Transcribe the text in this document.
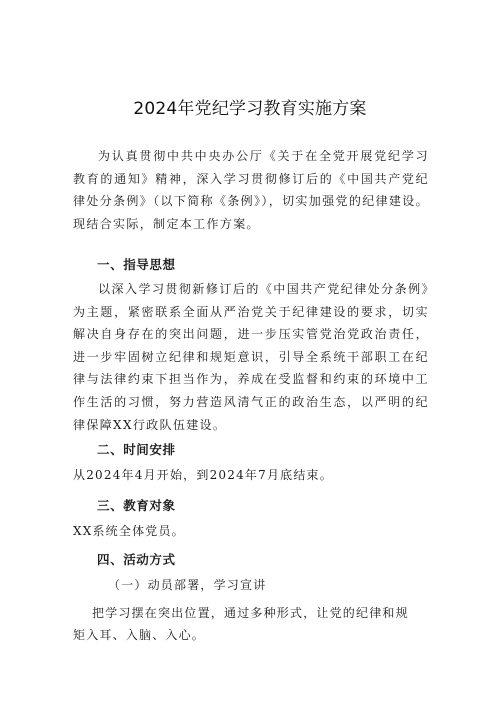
2024年党纪学习教育实施方案

为认真贯彻中共中央办公厅《关于在全党开展党纪学习教育的通知》精神，深入学习贯彻修订后的《中国共产党纪律处分条例》（以下简称《条例》），切实加强党的纪律建设。现结合实际，制定本工作方案。

一、指导思想

以深入学习贯彻新修订后的《中国共产党纪律处分条例》为主题，紧密联系全面从严治党关于纪律建设的要求，切实解决自身存在的突出问题，进一步压实管党治党政治责任，进一步牢固树立纪律和规矩意识，引导全系统干部职工在纪律与法律约束下担当作为，养成在受监督和约束的环境中工作生活的习惯，努力营造风清气正的政治生态，以严明的纪律保障XX行政队伍建设。

二、时间安排

从2024年4月开始，到2024年7月底结束。

三、教育对象

XX系统全体党员。

四、活动方式

（一）动员部署，学习宣讲

把学习摆在突出位置，通过多种形式，让党的纪律和规

矩入耳、入脑、入心。
